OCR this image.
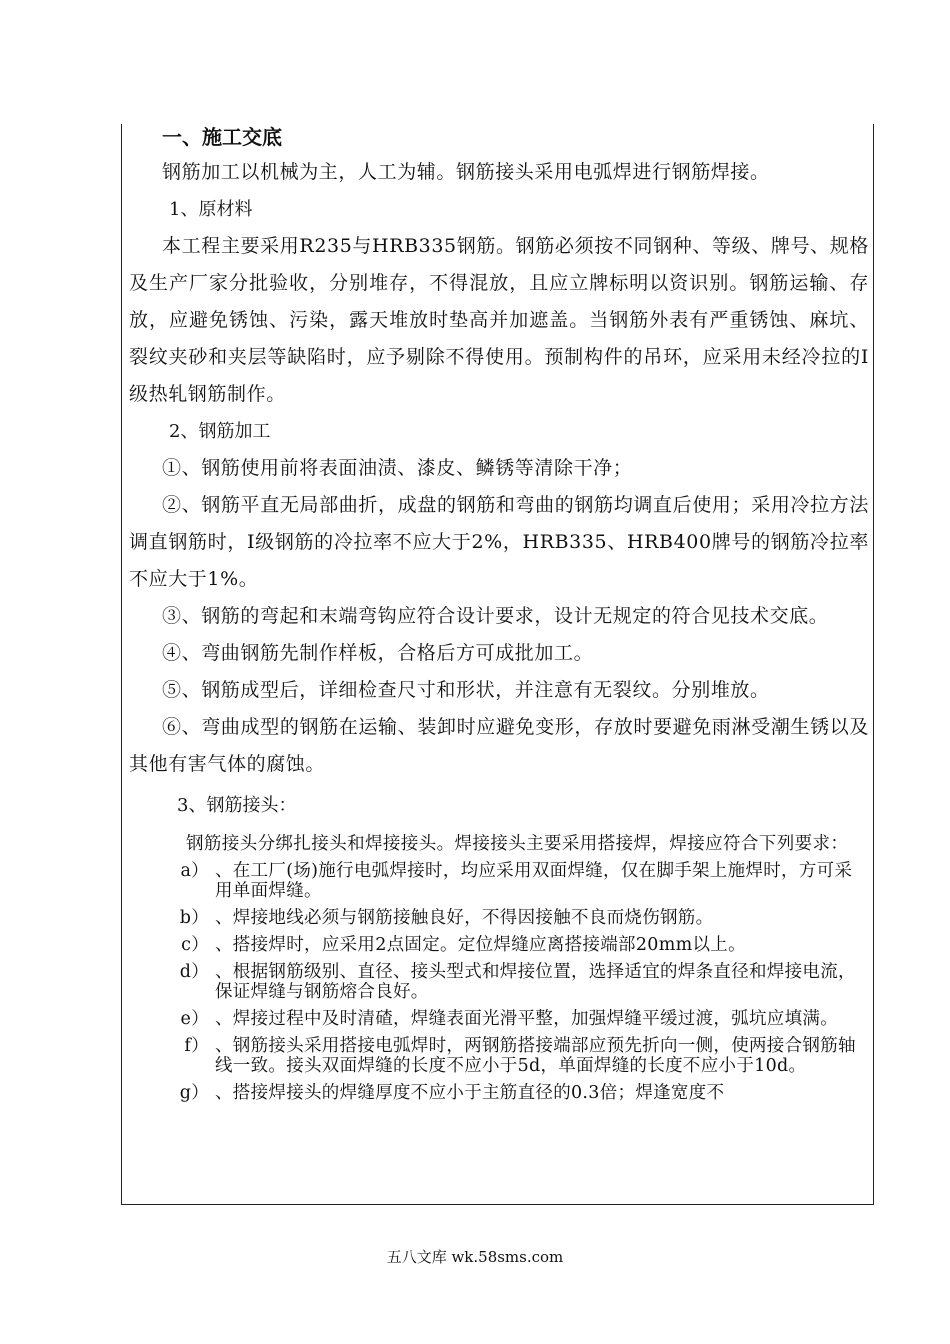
一、施工交底

钢筋加工以机械为主，人工为辅。钢筋接头采用电弧焊进行钢筋焊接。

1、原材料

本工程主要采用R235与HRB335钢筋。钢筋必须按不同钢种、等级、牌号、规格及生产厂家分批验收，分别堆存，不得混放，且应立牌标明以资识别。钢筋运输、存放，应避免锈蚀、污染，露天堆放时垫高并加遮盖。当钢筋外表有严重锈蚀、麻坑、裂纹夹砂和夹层等缺陷时，应予剔除不得使用。预制构件的吊环，应采用未经冷拉的Ⅰ级热轧钢筋制作。

2、钢筋加工

①、钢筋使用前将表面油渍、漆皮、鳞锈等清除干净；

②、钢筋平直无局部曲折，成盘的钢筋和弯曲的钢筋均调直后使用；采用冷拉方法调直钢筋时，Ⅰ级钢筋的冷拉率不应大于2%，HRB335、HRB400牌号的钢筋冷拉率不应大于1%。

③、钢筋的弯起和末端弯钩应符合设计要求，设计无规定的符合见技术交底。

④、弯曲钢筋先制作样板，合格后方可成批加工。

⑤、钢筋成型后，详细检查尺寸和形状，并注意有无裂纹。分别堆放。

⑥、弯曲成型的钢筋在运输、装卸时应避免变形，存放时要避免雨淋受潮生锈以及其他有害气体的腐蚀。

3、钢筋接头：

钢筋接头分绑扎接头和焊接接头。焊接接头主要采用搭接焊，焊接应符合下列要求：

a） 、在工厂(场)施行电弧焊接时，均应采用双面焊缝，仅在脚手架上施焊时，方可采用单面焊缝。
b） 、焊接地线必须与钢筋接触良好，不得因接触不良而烧伤钢筋。
c） 、搭接焊时，应采用2点固定。定位焊缝应离搭接端部20mm以上。
d） 、根据钢筋级别、直径、接头型式和焊接位置，选择适宜的焊条直径和焊接电流，保证焊缝与钢筋熔合良好。
e） 、焊接过程中及时清碴，焊缝表面光滑平整，加强焊缝平缓过渡，弧坑应填满。
f） 、钢筋接头采用搭接电弧焊时，两钢筋搭接端部应预先折向一侧，使两接合钢筋轴线一致。接头双面焊缝的长度不应小于5d，单面焊缝的长度不应小于10d。
g） 、搭接焊接头的焊缝厚度不应小于主筋直径的0.3倍；焊逢宽度不
五八文库 wk.58sms.com
